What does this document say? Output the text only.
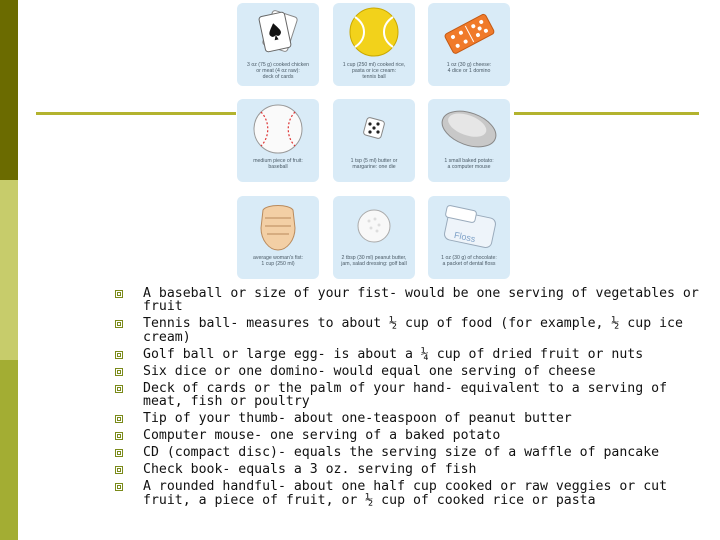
3 oz (75 g) cooked chicken
or meat (4 oz raw):
deck of cards
1 cup (250 ml) cooked rice,
pasta or ice cream:
tennis ball
1 oz (30 g) cheese:
4 dice or 1 domino
medium piece of fruit:
baseball
1 tsp (5 ml) butter or
margarine: one die
1 small baked potato:
a computer mouse
average woman's fist:
1 cup (250 ml)
2 tbsp (30 ml) peanut butter,
jam, salad dressing: golf ball
Floss
1 oz (30 g) of chocolate:
a packet of dental floss
A baseball or size of your fist- would be one serving of vegetables or fruit
Tennis ball- measures to about ½ cup of food (for example, ½ cup ice cream)
Golf ball or large egg- is about a ¼ cup of dried fruit or nuts
Six dice or one domino- would equal one serving of cheese
Deck of cards or the palm of your hand- equivalent to a serving of meat, fish or poultry
Tip of your thumb- about one-teaspoon of peanut butter
Computer mouse- one serving of a baked potato
CD (compact disc)- equals the serving size of a waffle of pancake
Check book- equals a 3 oz. serving of fish
A rounded handful- about one half cup cooked or raw veggies or cut fruit, a piece of fruit, or ½ cup of cooked rice or pasta
